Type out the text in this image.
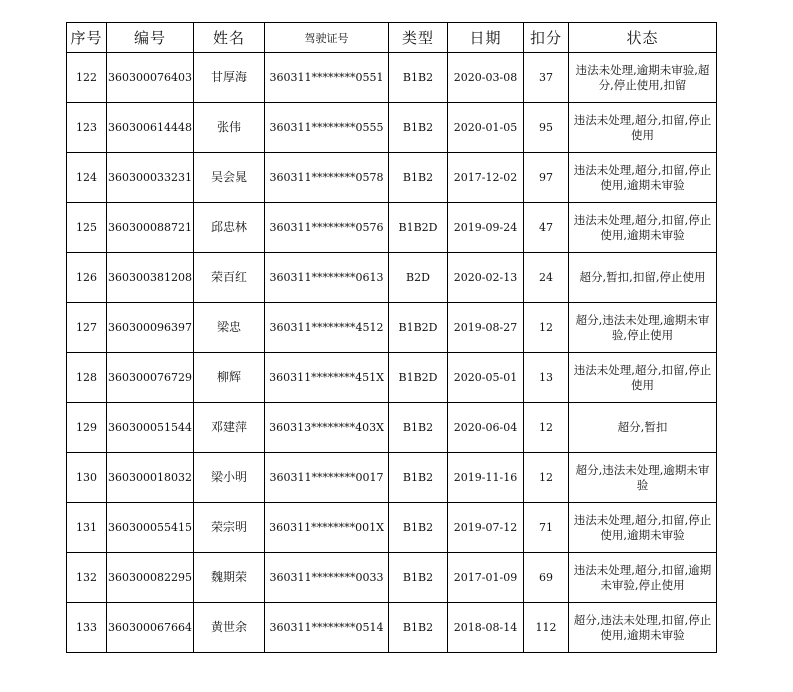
序号	编号	姓名	驾驶证号	类型	日期	扣分	状态
122	360300076403	甘厚海	360311********0551	B1B2	2020-03-08	37	违法未处理,逾期未审验,超分,停止使用,扣留
123	360300614448	张伟	360311********0555	B1B2	2020-01-05	95	违法未处理,超分,扣留,停止使用
124	360300033231	吴会晁	360311********0578	B1B2	2017-12-02	97	违法未处理,超分,扣留,停止使用,逾期未审验
125	360300088721	邱忠林	360311********0576	B1B2D	2019-09-24	47	违法未处理,超分,扣留,停止使用,逾期未审验
126	360300381208	荣百红	360311********0613	B2D	2020-02-13	24	超分,暂扣,扣留,停止使用
127	360300096397	梁忠	360311********4512	B1B2D	2019-08-27	12	超分,违法未处理,逾期未审验,停止使用
128	360300076729	柳辉	360311********451X	B1B2D	2020-05-01	13	违法未处理,超分,扣留,停止使用
129	360300051544	邓建萍	360313********403X	B1B2	2020-06-04	12	超分,暂扣
130	360300018032	梁小明	360311********0017	B1B2	2019-11-16	12	超分,违法未处理,逾期未审验
131	360300055415	荣宗明	360311********001X	B1B2	2019-07-12	71	违法未处理,超分,扣留,停止使用,逾期未审验
132	360300082295	魏期荣	360311********0033	B1B2	2017-01-09	69	违法未处理,超分,扣留,逾期未审验,停止使用
133	360300067664	黄世余	360311********0514	B1B2	2018-08-14	112	超分,违法未处理,扣留,停止使用,逾期未审验
